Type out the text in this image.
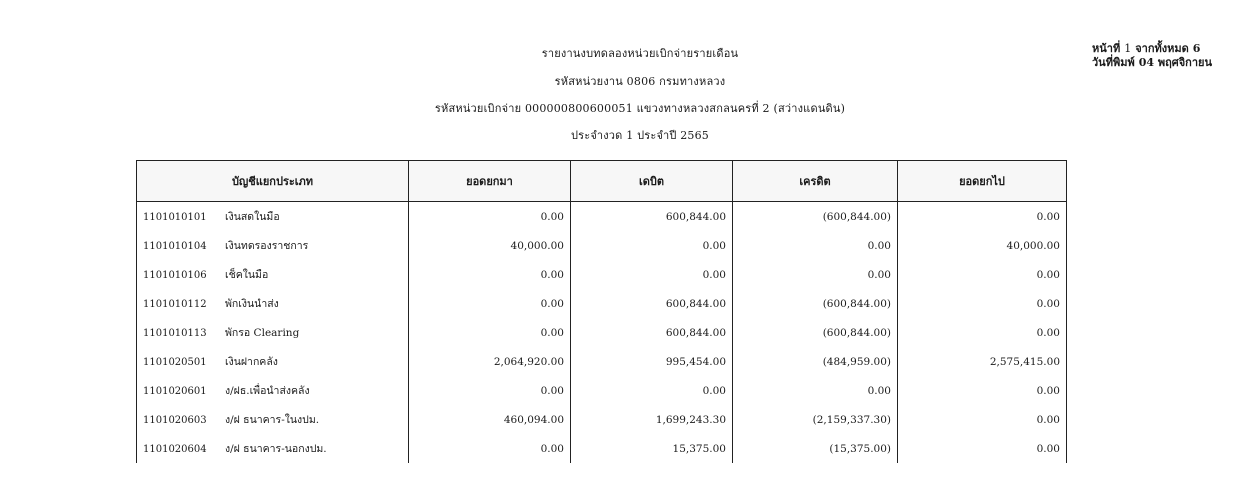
รายงานงบทดลองหน่วยเบิกจ่ายรายเดือน
รหัสหน่วยงาน 0806 กรมทางหลวง
รหัสหน่วยเบิกจ่าย 000000800600051 แขวงทางหลวงสกลนครที่ 2 (สว่างแดนดิน)
ประจำงวด 1 ประจำปี 2565
หน้าที่ 1 จากทั้งหมด 6
วันที่พิมพ์ 04 พฤศจิกายน
บัญชีแยกประเภท	ยอดยกมา	เดบิต	เครดิต	ยอดยกไป
1101010101 เงินสดในมือ	0.00	600,844.00	(600,844.00)	0.00
1101010104 เงินทดรองราชการ	40,000.00	0.00	0.00	40,000.00
1101010106 เช็คในมือ	0.00	0.00	0.00	0.00
1101010112 พักเงินนำส่ง	0.00	600,844.00	(600,844.00)	0.00
1101010113 พักรอ Clearing	0.00	600,844.00	(600,844.00)	0.00
1101020501 เงินฝากคลัง	2,064,920.00	995,454.00	(484,959.00)	2,575,415.00
1101020601 ง/ฝธ.เพื่อนำส่งคลัง	0.00	0.00	0.00	0.00
1101020603 ง/ฝ ธนาคาร-ในงปม.	460,094.00	1,699,243.30	(2,159,337.30)	0.00
1101020604 ง/ฝ ธนาคาร-นอกงปม.	0.00	15,375.00	(15,375.00)	0.00
